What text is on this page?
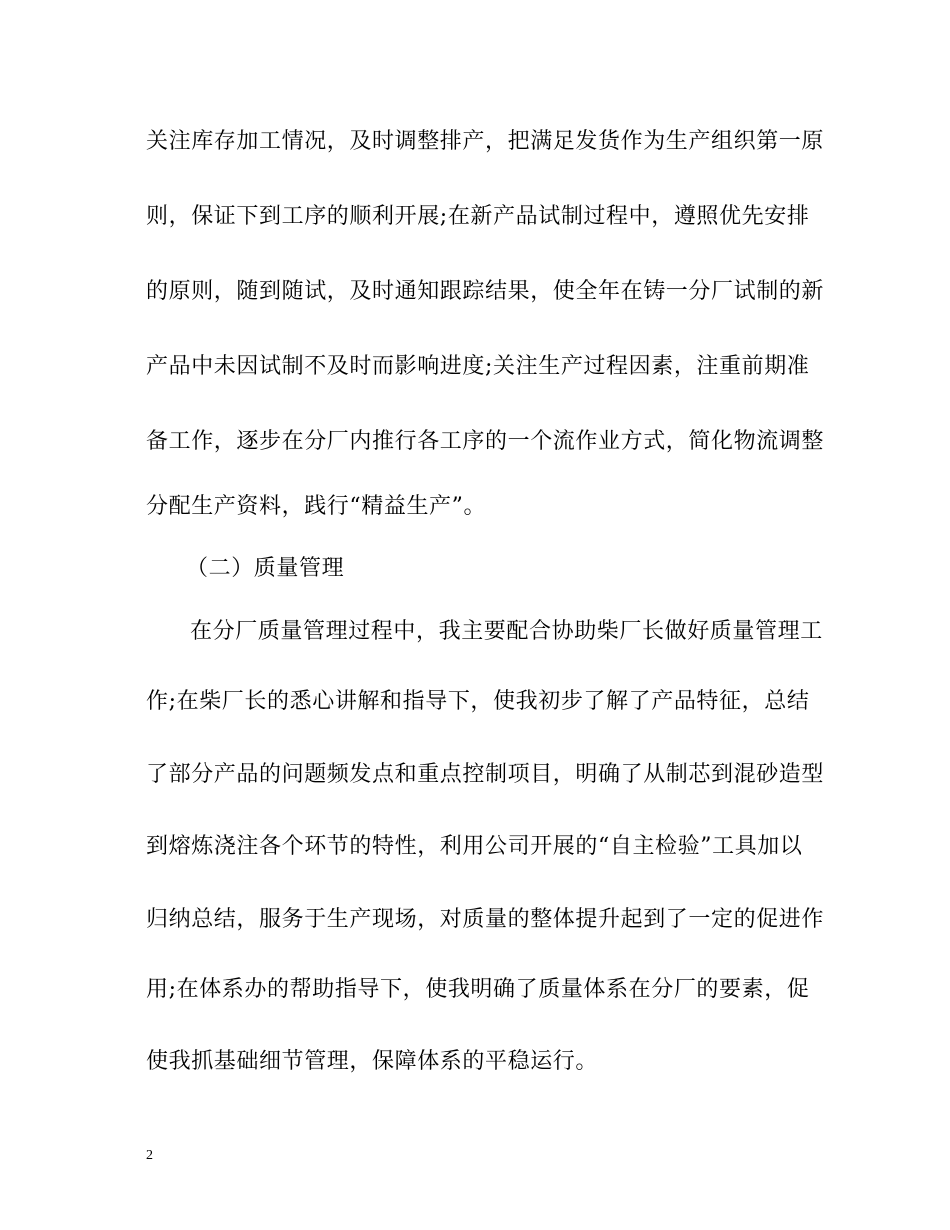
关注库存加工情况，及时调整排产，把满足发货作为生产组织第一原
则，保证下到工序的顺利开展;在新产品试制过程中，遵照优先安排
的原则，随到随试，及时通知跟踪结果，使全年在铸一分厂试制的新
产品中未因试制不及时而影响进度;关注生产过程因素，注重前期准
备工作，逐步在分厂内推行各工序的一个流作业方式，简化物流调整
分配生产资料，践行“精益生产”。
（二）质量管理
在分厂质量管理过程中，我主要配合协助柴厂长做好质量管理工
作;在柴厂长的悉心讲解和指导下，使我初步了解了产品特征，总结
了部分产品的问题频发点和重点控制项目，明确了从制芯到混砂造型
到熔炼浇注各个环节的特性，利用公司开展的“自主检验”工具加以
归纳总结，服务于生产现场，对质量的整体提升起到了一定的促进作
用;在体系办的帮助指导下，使我明确了质量体系在分厂的要素，促
使我抓基础细节管理，保障体系的平稳运行。
2
